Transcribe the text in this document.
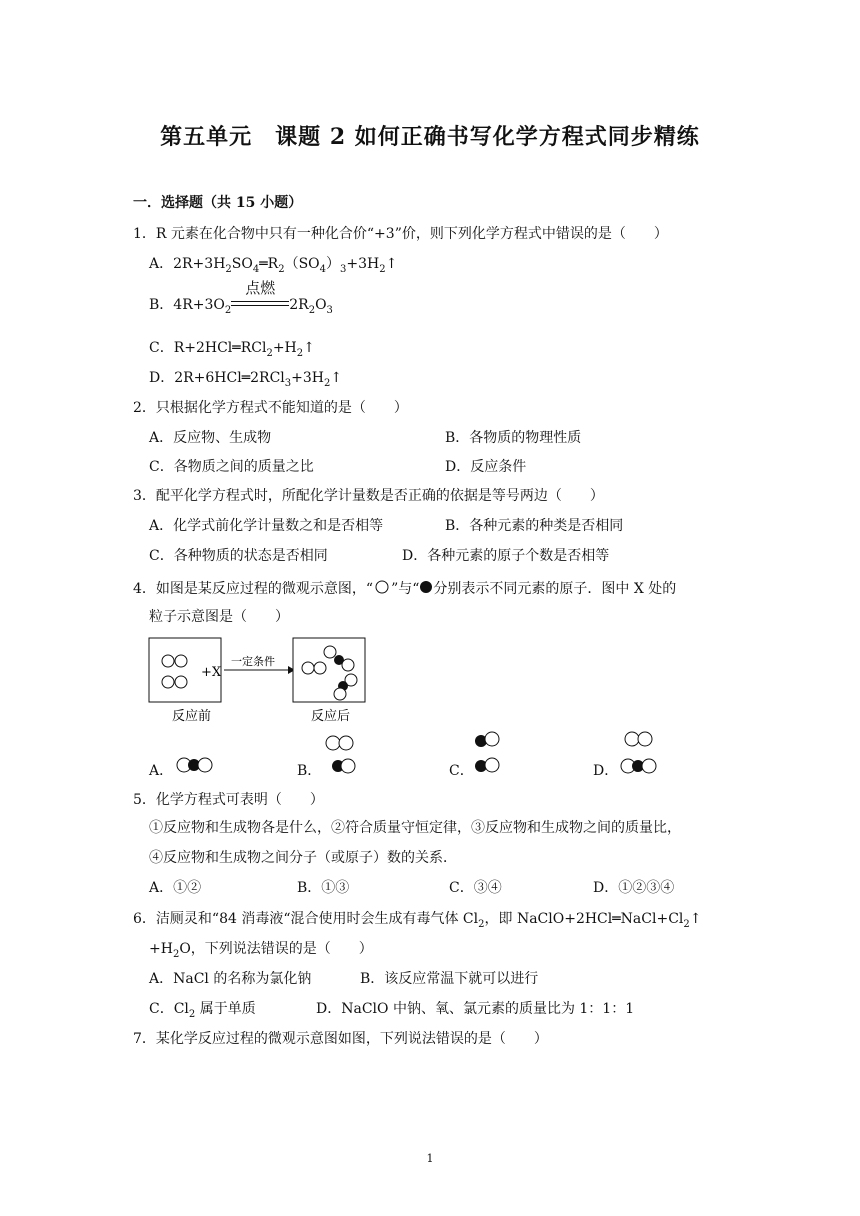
第五单元　课题 2 如何正确书写化学方程式同步精练
一．选择题（共 15 小题）
1．R 元素在化合物中只有一种化合价“+3”价，则下列化学方程式中错误的是（　　）
A．$2R+3H_2SO_4═R_2(SO_4)_3+3H_2↑$
B．$4R+3O_2$
点燃
$2R_2O_3$
C．$R+2HCl═RCl_2+H_2↑$
D．$2R+6HCl═2RCl_3+3H_2↑$
2．只根据化学方程式不能知道的是（　　）
A．反应物、生成物	B．各物质的物理性质
C．各物质之间的质量之比	D．反应条件
3．配平化学方程式时，所配化学计量数是否正确的依据是等号两边（　　）
A．化学式前化学计量数之和是否相等	B．各种元素的种类是否相同
C．各种物质的状态是否相同	D．各种元素的原子个数是否相等
4．如图是某反应过程的微观示意图，“ ”与“ 分别表示不同元素的原子．图中 X 处的
粒子示意图是（　　）
+X
一定条件
反应前	反应后
A．	B．	C．	D．
5．化学方程式可表明（　　）
①反应物和生成物各是什么，②符合质量守恒定律，③反应物和生成物之间的质量比，
④反应物和生成物之间分子（或原子）数的关系．
A．①②	B．①③	C．③④	D．①②③④
6．洁厕灵和“84 消毒液“混合使用时会生成有毒气体 $Cl_2$，即 $NaClO+2HCl═NaCl+Cl_2↑$
$+H_2O$，下列说法错误的是（　　）
A．NaCl 的名称为氯化钠	B．该反应常温下就可以进行
C．$Cl_2$ 属于单质	D．NaClO 中钠、氧、氯元素的质量比为 1：1：1
7．某化学反应过程的微观示意图如图，下列说法错误的是（　　）
1
